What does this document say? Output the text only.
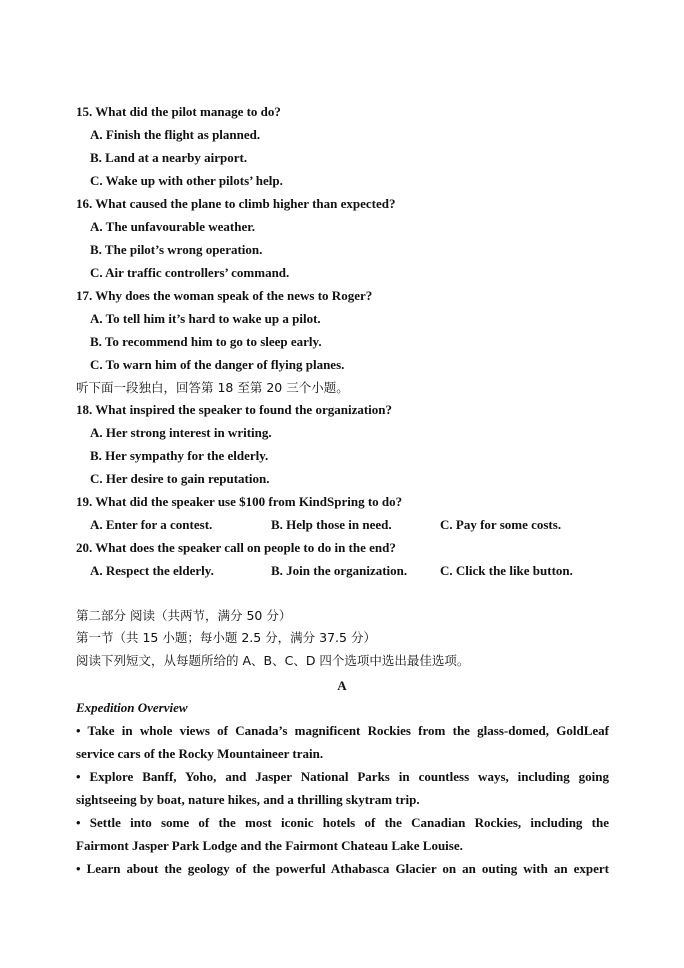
15. What did the pilot manage to do?
A. Finish the flight as planned.
B. Land at a nearby airport.
C. Wake up with other pilots’ help.
16. What caused the plane to climb higher than expected?
A. The unfavourable weather.
B. The pilot’s wrong operation.
C. Air traffic controllers’ command.
17. Why does the woman speak of the news to Roger?
A. To tell him it’s hard to wake up a pilot.
B. To recommend him to go to sleep early.
C. To warn him of the danger of flying planes.
听下面一段独白，回答第 18 至第 20 三个小题。
18. What inspired the speaker to found the organization?
A. Her strong interest in writing.
B. Her sympathy for the elderly.
C. Her desire to gain reputation.
19. What did the speaker use $100 from KindSpring to do?
A. Enter for a contest.	B. Help those in need.	C. Pay for some costs.
20. What does the speaker call on people to do in the end?
A. Respect the elderly.	B. Join the organization.	C. Click the like button.
第二部分 阅读（共两节，满分 50 分）
第一节（共 15 小题；每小题 2.5 分，满分 37.5 分）
阅读下列短文，从每题所给的 A、B、C、D 四个选项中选出最佳选项。
A
Expedition Overview
• Take in whole views of Canada’s magnificent Rockies from the glass-domed, GoldLeaf
service cars of the Rocky Mountaineer train.
• Explore Banff, Yoho, and Jasper National Parks in countless ways, including going
sightseeing by boat, nature hikes, and a thrilling skytram trip.
• Settle into some of the most iconic hotels of the Canadian Rockies, including the
Fairmont Jasper Park Lodge and the Fairmont Chateau Lake Louise.
• Learn about the geology of the powerful Athabasca Glacier on an outing with an expert
